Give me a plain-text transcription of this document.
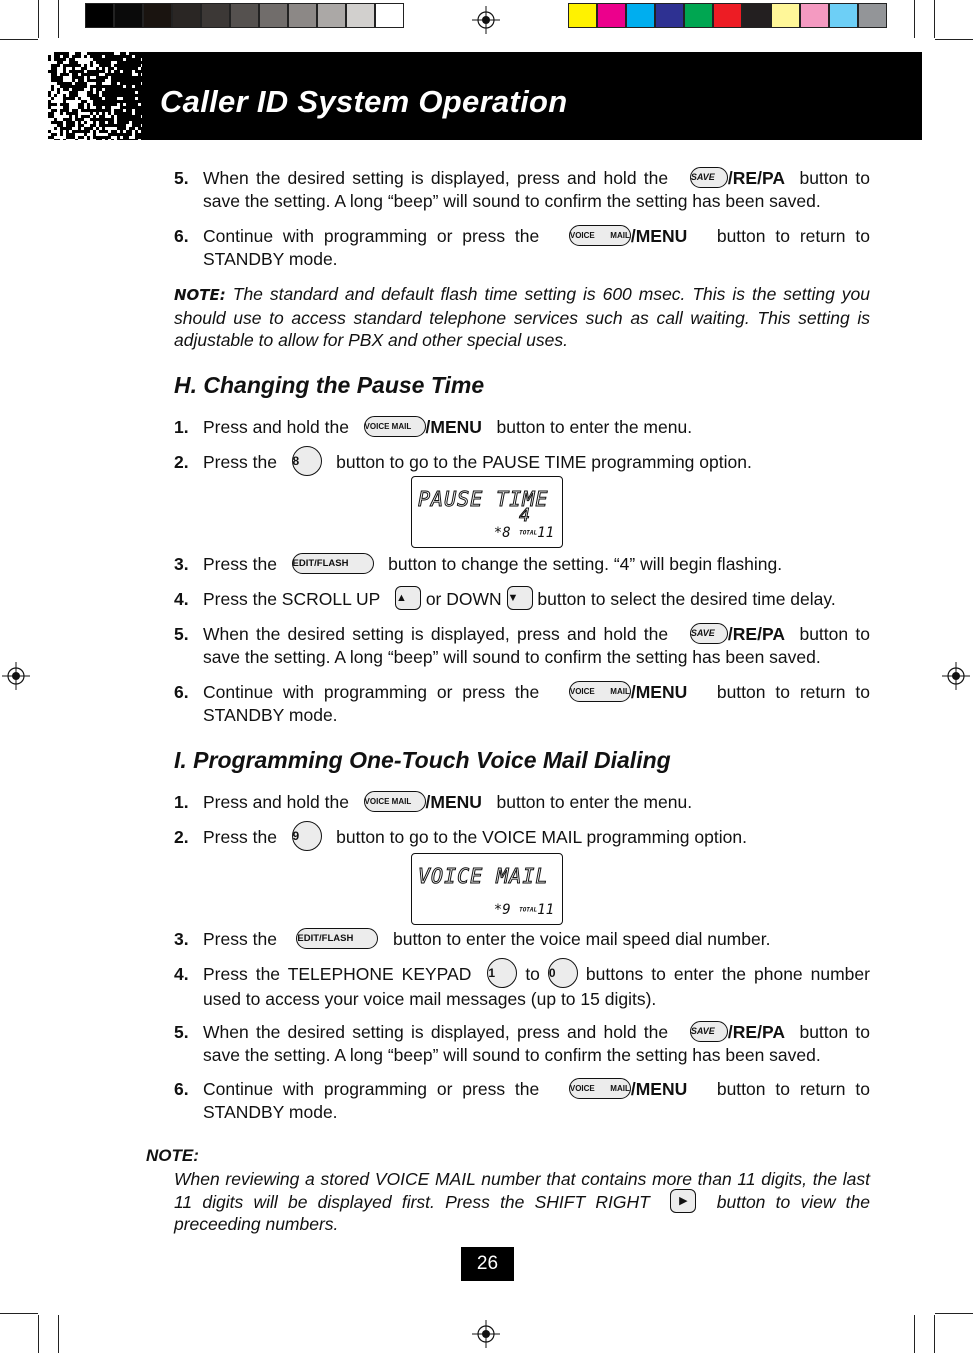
Caller ID System Operation
5. When the desired setting is displayed, press and hold the	SAVE /RE/PA button to
save the setting. A long “beep” will sound to confirm the setting has been saved.
6. Continue with programming or press the	VOICE MAIL/MENU button to return to
STANDBY mode.
NOTE: The standard and default flash time setting is 600 msec. This is the setting you should use to access standard telephone services such as call waiting. This setting is adjustable to allow for PBX and other special uses.
H. Changing the Pause Time
1. Press and hold the VOICE MAIL /MENU button to enter the menu.
2. Press the 8 button to go to the PAUSE TIME programming option.
PAUSE TIME
4
*8 TOTAL11
3. Press the EDIT/FLASH button to change the setting. “4” will begin flashing.
4. Press the SCROLL UP ▲ or DOWN ▼ button to select the desired time delay.
5. When the desired setting is displayed, press and hold the	SAVE /RE/PA button to
save the setting. A long “beep” will sound to confirm the setting has been saved.
6. Continue with programming or press the	VOICE MAIL/MENU button to return to
STANDBY mode.
I. Programming One-Touch Voice Mail Dialing
1. Press and hold the VOICE MAIL /MENU button to enter the menu.
2. Press the 9 button to go to the VOICE MAIL programming option.
VOICE MAIL
*9 TOTAL11
3. Press the EDIT/FLASH button to enter the voice mail speed dial number.
4. Press the TELEPHONE KEYPAD 1 to 0 buttons to enter the phone number
used to access your voice mail messages (up to 15 digits).
5. When the desired setting is displayed, press and hold the	SAVE /RE/PA button to
save the setting. A long “beep” will sound to confirm the setting has been saved.
6. Continue with programming or press the	VOICE MAIL/MENU button to return to
STANDBY mode.
NOTE:
When reviewing a stored VOICE MAIL number that contains more than 11 digits, the last 11 digits will be displayed first. Press the SHIFT RIGHT	▶ button to view the preceeding numbers.
26
